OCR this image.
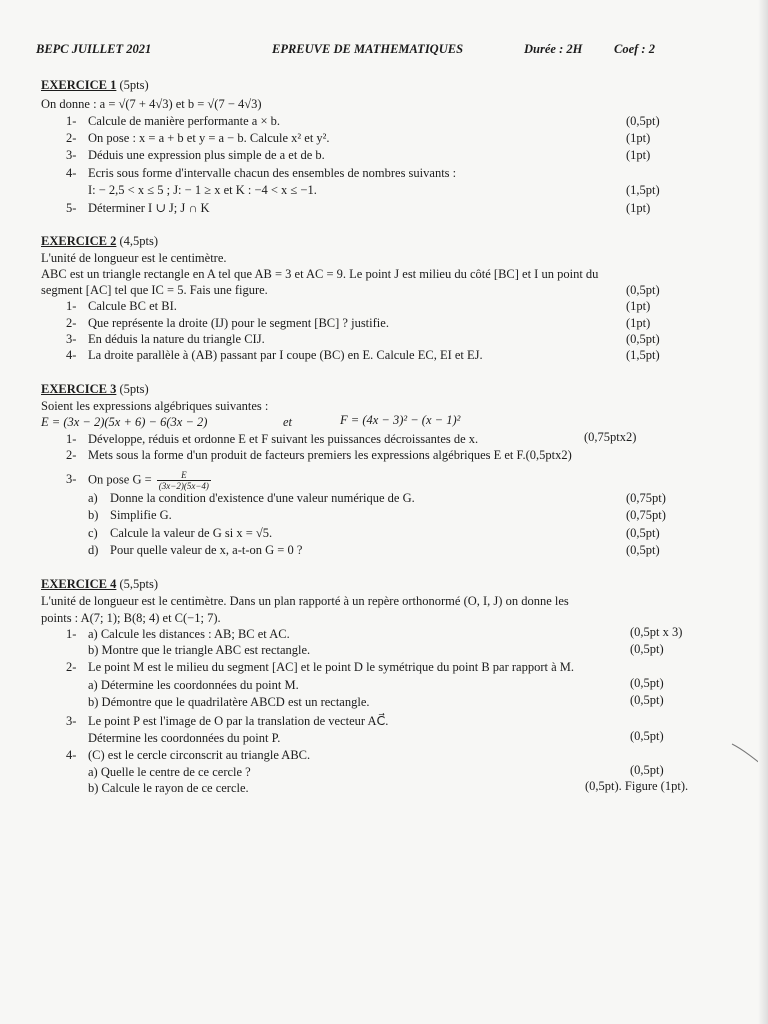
BEPC JUILLET 2021	EPREUVE DE MATHEMATIQUES	Durée : 2H	Coef : 2
EXERCICE 1 (5pts)
On donne : a = √(7 + 4√3) et b = √(7 − 4√3)
1- Calcule de manière performante a × b.	(0,5pt)
2- On pose : x = a + b et y = a − b. Calcule x² et y².	(1pt)
3- Déduis une expression plus simple de a et de b.	(1pt)
4- Ecris sous forme d'intervalle chacun des ensembles de nombres suivants :
I: − 2,5 < x ≤ 5 ; J: − 1 ≥ x et K : −4 < x ≤ −1.	(1,5pt)
5- Déterminer I ∪ J; J ∩ K	(1pt)
EXERCICE 2 (4,5pts)
L'unité de longueur est le centimètre.
ABC est un triangle rectangle en A tel que AB = 3 et AC = 9. Le point J est milieu du côté [BC] et I un point du
segment [AC] tel que IC = 5. Fais une figure.	(0,5pt)
1- Calcule BC et BI.	(1pt)
2- Que représente la droite (IJ) pour le segment [BC] ? justifie.	(1pt)
3- En déduis la nature du triangle CIJ.	(0,5pt)
4- La droite parallèle à (AB) passant par I coupe (BC) en E. Calcule EC, EI et EJ.	(1,5pt)
EXERCICE 3 (5pts)
Soient les expressions algébriques suivantes :
E = (3x − 2)(5x + 6) − 6(3x − 2)	et	F = (4x − 3)² − (x − 1)²
1- Développe, réduis et ordonne E et F suivant les puissances décroissantes de x.	(0,75ptx2)
2- Mets sous la forme d'un produit de facteurs premiers les expressions algébriques E et F.(0,5ptx2)
3- On pose $G = \frac{E}{(3x-2)(5x-4)}$
a) Donne la condition d'existence d'une valeur numérique de G.	(0,75pt)
b) Simplifie G.	(0,75pt)
c) Calcule la valeur de G si x = √5.	(0,5pt)
d) Pour quelle valeur de x, a-t-on G = 0 ?	(0,5pt)
EXERCICE 4 (5,5pts)
L'unité de longueur est le centimètre. Dans un plan rapporté à un repère orthonormé (O, I, J) on donne les
points : A(7; 1); B(8; 4) et C(−1; 7).
1- a) Calcule les distances : AB; BC et AC.	(0,5pt x 3)
b) Montre que le triangle ABC est rectangle.	(0,5pt)
2- Le point M est le milieu du segment [AC] et le point D le symétrique du point B par rapport à M.
a) Détermine les coordonnées du point M.	(0,5pt)
b) Démontre que le quadrilatère ABCD est un rectangle.	(0,5pt)
3- Le point P est l'image de O par la translation de vecteur AC⃗.
Détermine les coordonnées du point P.	(0,5pt)
4- (C) est le cercle circonscrit au triangle ABC.
a) Quelle le centre de ce cercle ?	(0,5pt)
b) Calcule le rayon de ce cercle.	(0,5pt). Figure (1pt).
